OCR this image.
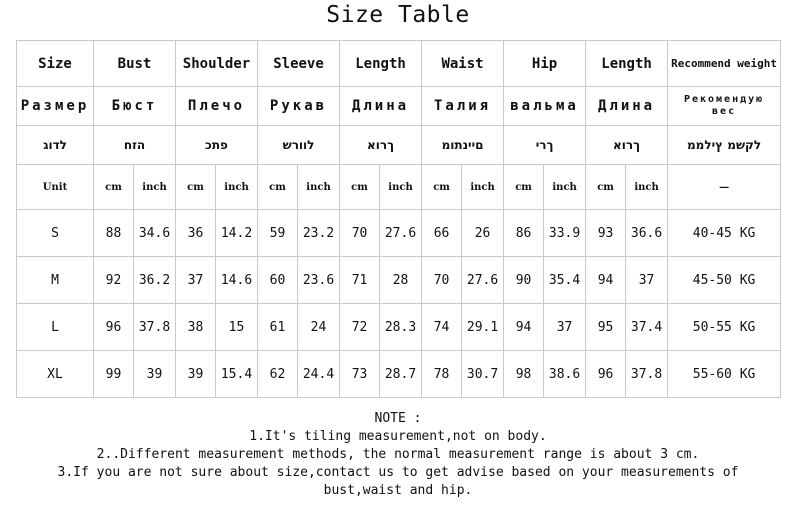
Size Table
Size	Bust		Shoulder		Sleeve		Length		Waist		Hip		Length		Recommend weight
Размер	Бюст		Плечо		Рукав		Длина		Талия		вальма		Длина		Рекомендую вес
לדוג	הזח		פתכ		לוורש		ךרוא		םיינתומ		ךרי		ךרוא		לקשמ ץילממ
Unit	cm	inch	cm	inch	cm	inch	cm	inch	cm	inch	cm	inch	cm	inch	—
S	88	34.6	36	14.2	59	23.2	70	27.6	66	26	86	33.9	93	36.6	40-45 KG
M	92	36.2	37	14.6	60	23.6	71	28	70	27.6	90	35.4	94	37	45-50 KG
L	96	37.8	38	15	61	24	72	28.3	74	29.1	94	37	95	37.4	50-55 KG
XL	99	39	39	15.4	62	24.4	73	28.7	78	30.7	98	38.6	96	37.8	55-60 KG
NOTE :
1.It's tiling measurement,not on body.
2..Different measurement methods, the normal measurement range is about 3 cm.
3.If you are not sure about size,contact us to get advise based on your measurements of
bust,waist and hip.
